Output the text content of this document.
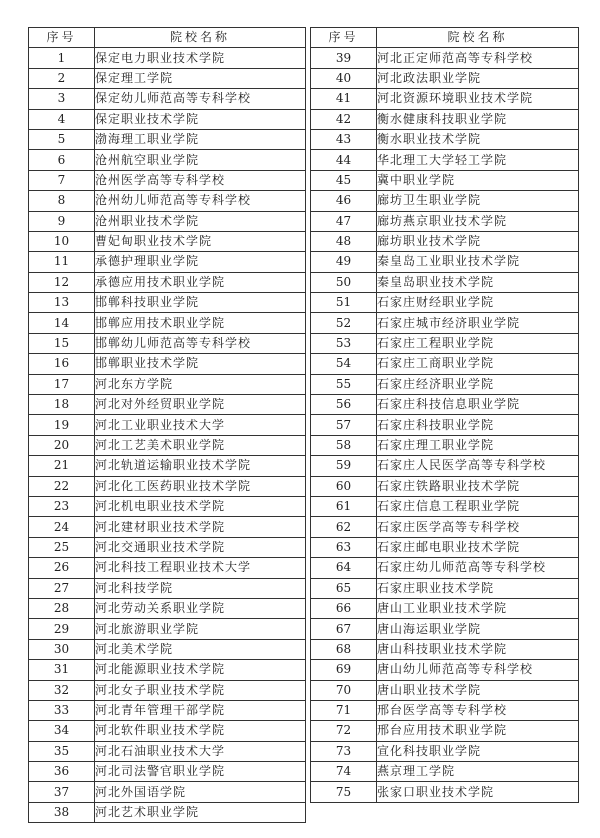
序号	院校名称
1	保定电力职业技术学院
2	保定理工学院
3	保定幼儿师范高等专科学校
4	保定职业技术学院
5	渤海理工职业学院
6	沧州航空职业学院
7	沧州医学高等专科学校
8	沧州幼儿师范高等专科学校
9	沧州职业技术学院
10	曹妃甸职业技术学院
11	承德护理职业学院
12	承德应用技术职业学院
13	邯郸科技职业学院
14	邯郸应用技术职业学院
15	邯郸幼儿师范高等专科学校
16	邯郸职业技术学院
17	河北东方学院
18	河北对外经贸职业学院
19	河北工业职业技术大学
20	河北工艺美术职业学院
21	河北轨道运输职业技术学院
22	河北化工医药职业技术学院
23	河北机电职业技术学院
24	河北建材职业技术学院
25	河北交通职业技术学院
26	河北科技工程职业技术大学
27	河北科技学院
28	河北劳动关系职业学院
29	河北旅游职业学院
30	河北美术学院
31	河北能源职业技术学院
32	河北女子职业技术学院
33	河北青年管理干部学院
34	河北软件职业技术学院
35	河北石油职业技术大学
36	河北司法警官职业学院
37	河北外国语学院
38	河北艺术职业学院
序号	院校名称
39	河北正定师范高等专科学校
40	河北政法职业学院
41	河北资源环境职业技术学院
42	衡水健康科技职业学院
43	衡水职业技术学院
44	华北理工大学轻工学院
45	冀中职业学院
46	廊坊卫生职业学院
47	廊坊燕京职业技术学院
48	廊坊职业技术学院
49	秦皇岛工业职业技术学院
50	秦皇岛职业技术学院
51	石家庄财经职业学院
52	石家庄城市经济职业学院
53	石家庄工程职业学院
54	石家庄工商职业学院
55	石家庄经济职业学院
56	石家庄科技信息职业学院
57	石家庄科技职业学院
58	石家庄理工职业学院
59	石家庄人民医学高等专科学校
60	石家庄铁路职业技术学院
61	石家庄信息工程职业学院
62	石家庄医学高等专科学校
63	石家庄邮电职业技术学院
64	石家庄幼儿师范高等专科学校
65	石家庄职业技术学院
66	唐山工业职业技术学院
67	唐山海运职业学院
68	唐山科技职业技术学院
69	唐山幼儿师范高等专科学校
70	唐山职业技术学院
71	邢台医学高等专科学校
72	邢台应用技术职业学院
73	宣化科技职业学院
74	燕京理工学院
75	张家口职业技术学院
